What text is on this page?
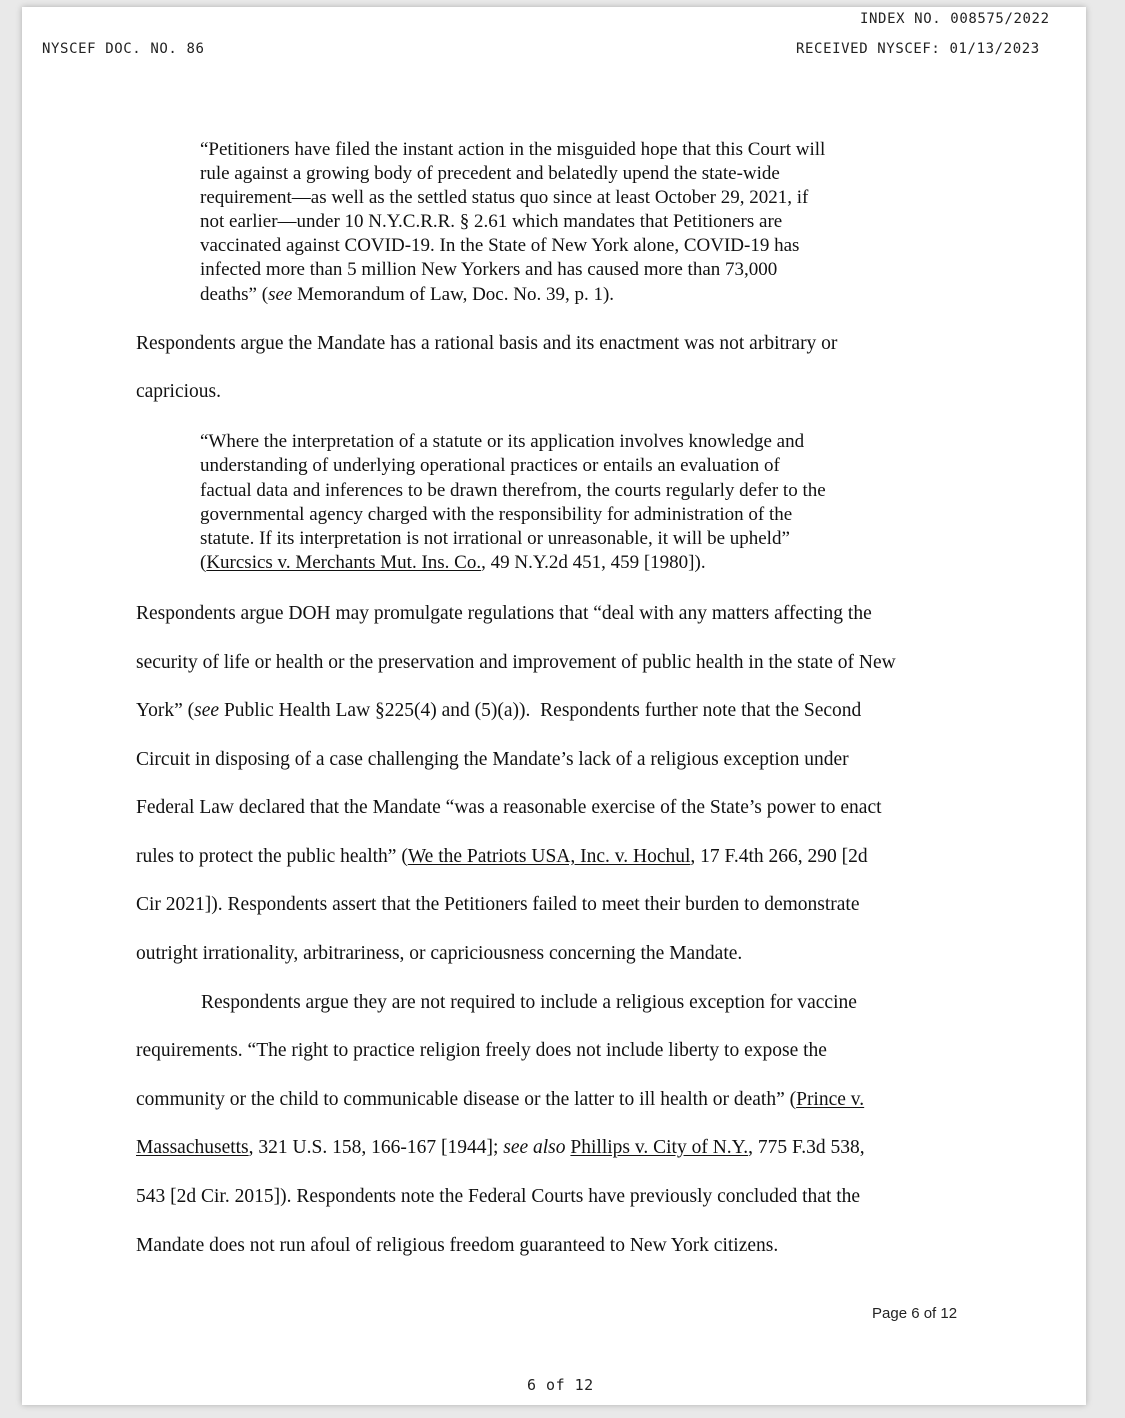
INDEX NO. 008575/2022
NYSCEF DOC. NO. 86	RECEIVED NYSCEF: 01/13/2023
“Petitioners have filed the instant action in the misguided hope that this Court will
rule against a growing body of precedent and belatedly upend the state-wide
requirement—as well as the settled status quo since at least October 29, 2021, if
not earlier—under 10 N.Y.C.R.R. § 2.61 which mandates that Petitioners are
vaccinated against COVID-19. In the State of New York alone, COVID-19 has
infected more than 5 million New Yorkers and has caused more than 73,000
deaths” (see Memorandum of Law, Doc. No. 39, p. 1).
Respondents argue the Mandate has a rational basis and its enactment was not arbitrary or
capricious.
“Where the interpretation of a statute or its application involves knowledge and
understanding of underlying operational practices or entails an evaluation of
factual data and inferences to be drawn therefrom, the courts regularly defer to the
governmental agency charged with the responsibility for administration of the
statute. If its interpretation is not irrational or unreasonable, it will be upheld”
(Kurcsics v. Merchants Mut. Ins. Co., 49 N.Y.2d 451, 459 [1980]).
Respondents argue DOH may promulgate regulations that “deal with any matters affecting the
security of life or health or the preservation and improvement of public health in the state of New
York” (see Public Health Law §225(4) and (5)(a)).  Respondents further note that the Second
Circuit in disposing of a case challenging the Mandate’s lack of a religious exception under
Federal Law declared that the Mandate “was a reasonable exercise of the State’s power to enact
rules to protect the public health” (We the Patriots USA, Inc. v. Hochul, 17 F.4th 266, 290 [2d
Cir 2021]). Respondents assert that the Petitioners failed to meet their burden to demonstrate
outright irrationality, arbitrariness, or capriciousness concerning the Mandate.
Respondents argue they are not required to include a religious exception for vaccine
requirements. “The right to practice religion freely does not include liberty to expose the
community or the child to communicable disease or the latter to ill health or death” (Prince v.
Massachusetts, 321 U.S. 158, 166-167 [1944]; see also Phillips v. City of N.Y., 775 F.3d 538,
543 [2d Cir. 2015]). Respondents note the Federal Courts have previously concluded that the
Mandate does not run afoul of religious freedom guaranteed to New York citizens.
Page 6 of 12
6 of 12
